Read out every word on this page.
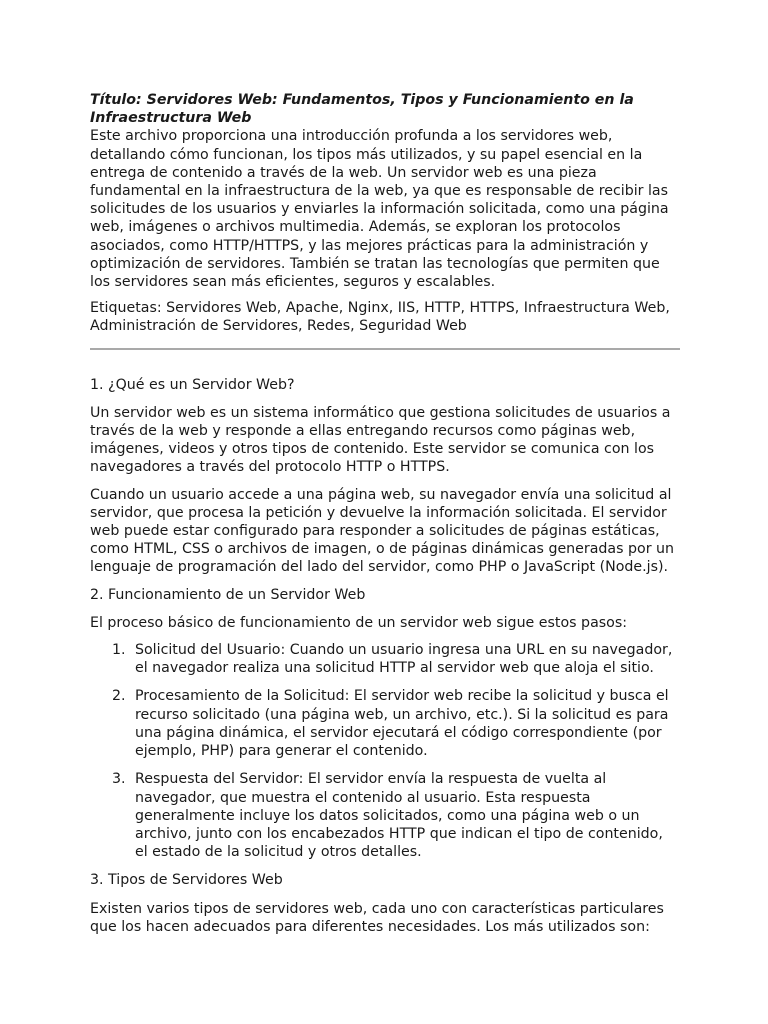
Título: Servidores Web: Fundamentos, Tipos y Funcionamiento en la Infraestructura Web

Este archivo proporciona una introducción profunda a los servidores web, detallando cómo funcionan, los tipos más utilizados, y su papel esencial en la entrega de contenido a través de la web. Un servidor web es una pieza fundamental en la infraestructura de la web, ya que es responsable de recibir las solicitudes de los usuarios y enviarles la información solicitada, como una página web, imágenes o archivos multimedia. Además, se exploran los protocolos asociados, como HTTP/HTTPS, y las mejores prácticas para la administración y optimización de servidores. También se tratan las tecnologías que permiten que los servidores sean más eficientes, seguros y escalables.

Etiquetas: Servidores Web, Apache, Nginx, IIS, HTTP, HTTPS, Infraestructura Web, Administración de Servidores, Redes, Seguridad Web

1. ¿Qué es un Servidor Web?

Un servidor web es un sistema informático que gestiona solicitudes de usuarios a través de la web y responde a ellas entregando recursos como páginas web, imágenes, videos y otros tipos de contenido. Este servidor se comunica con los navegadores a través del protocolo HTTP o HTTPS.

Cuando un usuario accede a una página web, su navegador envía una solicitud al servidor, que procesa la petición y devuelve la información solicitada. El servidor web puede estar configurado para responder a solicitudes de páginas estáticas, como HTML, CSS o archivos de imagen, o de páginas dinámicas generadas por un lenguaje de programación del lado del servidor, como PHP o JavaScript (Node.js).

2. Funcionamiento de un Servidor Web

El proceso básico de funcionamiento de un servidor web sigue estos pasos:

1. Solicitud del Usuario: Cuando un usuario ingresa una URL en su navegador, el navegador realiza una solicitud HTTP al servidor web que aloja el sitio.
2. Procesamiento de la Solicitud: El servidor web recibe la solicitud y busca el recurso solicitado (una página web, un archivo, etc.). Si la solicitud es para una página dinámica, el servidor ejecutará el código correspondiente (por ejemplo, PHP) para generar el contenido.
3. Respuesta del Servidor: El servidor envía la respuesta de vuelta al navegador, que muestra el contenido al usuario. Esta respuesta generalmente incluye los datos solicitados, como una página web o un archivo, junto con los encabezados HTTP que indican el tipo de contenido, el estado de la solicitud y otros detalles.

3. Tipos de Servidores Web

Existen varios tipos de servidores web, cada uno con características particulares que los hacen adecuados para diferentes necesidades. Los más utilizados son:
